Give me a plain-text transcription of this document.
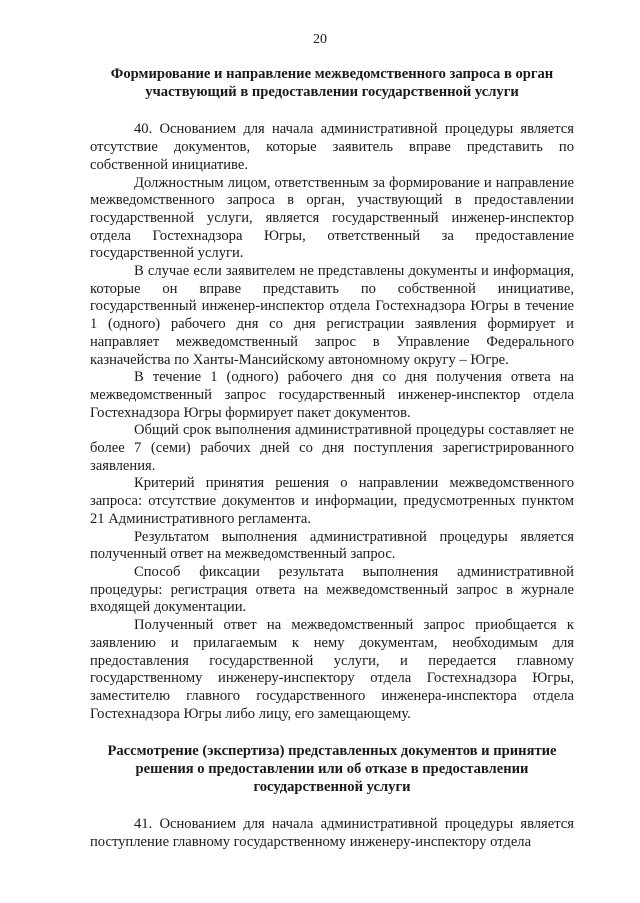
20
Формирование и направление межведомственного запроса в орган участвующий в предоставлении государственной услуги

40. Основанием для начала административной процедуры является отсутствие документов, которые заявитель вправе представить по собственной инициативе.

Должностным лицом, ответственным за формирование и направление межведомственного запроса в орган, участвующий в предоставлении государственной услуги, является государственный инженер-инспектор отдела Гостехнадзора Югры, ответственный за предоставление государственной услуги.

В случае если заявителем не представлены документы и информация, которые он вправе представить по собственной инициативе, государственный инженер-инспектор отдела Гостехнадзора Югры в течение 1 (одного) рабочего дня со дня регистрации заявления формирует и направляет межведомственный запрос в Управление Федерального казначейства по Ханты-Мансийскому автономному округу – Югре.

В течение 1 (одного) рабочего дня со дня получения ответа на межведомственный запрос государственный инженер-инспектор отдела Гостехнадзора Югры формирует пакет документов.

Общий срок выполнения административной процедуры составляет не более 7 (семи) рабочих дней со дня поступления зарегистрированного заявления.

Критерий принятия решения о направлении межведомственного запроса: отсутствие документов и информации, предусмотренных пунктом 21 Административного регламента.

Результатом выполнения административной процедуры является полученный ответ на межведомственный запрос.

Способ фиксации результата выполнения административной процедуры: регистрация ответа на межведомственный запрос в журнале входящей документации.

Полученный ответ на межведомственный запрос приобщается к заявлению и прилагаемым к нему документам, необходимым для предоставления государственной услуги, и передается главному государственному инженеру-инспектору отдела Гостехнадзора Югры, заместителю главного государственного инженера-инспектора отдела Гостехнадзора Югры либо лицу, его замещающему.

Рассмотрение (экспертиза) представленных документов и принятие решения о предоставлении или об отказе в предоставлении государственной услуги

41. Основанием для начала административной процедуры является поступление главному государственному инженеру-инспектору отдела
